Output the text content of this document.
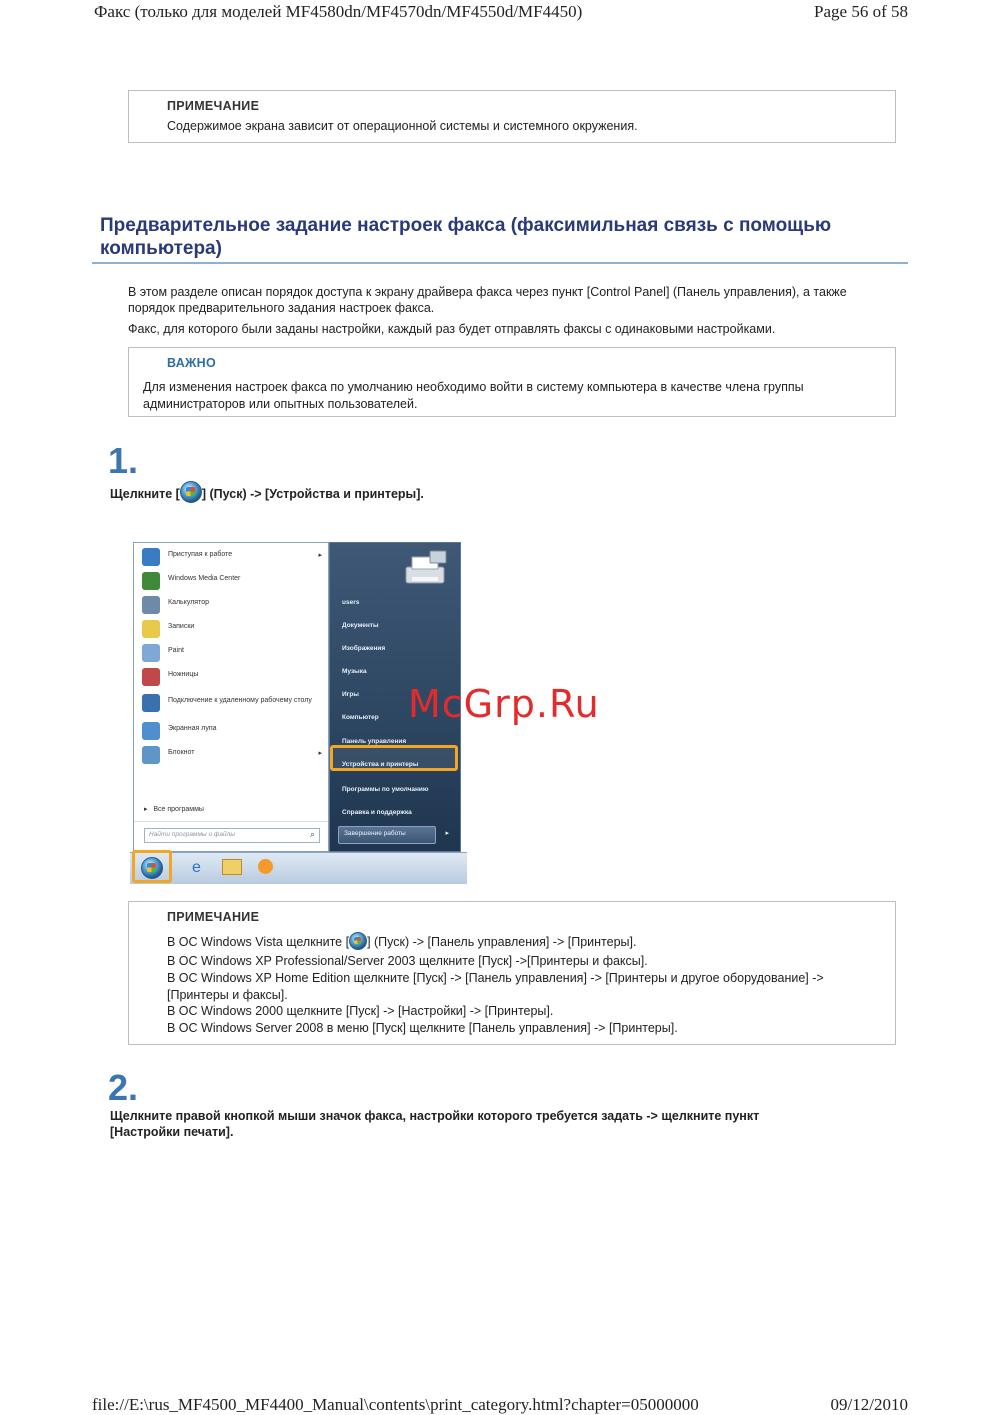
Факс (только для моделей MF4580dn/MF4570dn/MF4550d/MF4450)	Page 56 of 58
ПРИМЕЧАНИЕ
Содержимое экрана зависит от операционной системы и системного окружения.
Предварительное задание настроек факса (факсимильная связь с помощью компьютера)
В этом разделе описан порядок доступа к экрану драйвера факса через пункт [Control Panel] (Панель управления), а также порядок предварительного задания настроек факса.
Факс, для которого были заданы настройки, каждый раз будет отправлять факсы с одинаковыми настройками.
ВАЖНО
Для изменения настроек факса по умолчанию необходимо войти в систему компьютера в качестве члена группы администраторов или опытных пользователей.
1.
Щелкните [ ] (Пуск) -> [Устройства и принтеры].
Приступая к работе	▸
Windows Media Center
Калькулятор
Записки
Paint
Ножницы
Подключение к удаленному рабочему столу
Экранная лупа
Блокнот	▸
▸ Все программы
Найти программы и файлы	⌕
users
Документы
Изображения
Музыка
Игры
Компьютер
Панель управления
Устройства и принтеры
Программы по умолчанию
Справка и поддержка
Завершение работы	▸
e
McGrp.Ru
ПРИМЕЧАНИЕ
В ОС Windows Vista щелкните [ ] (Пуск) -> [Панель управления] -> [Принтеры].
В ОС Windows XP Professional/Server 2003 щелкните [Пуск] ->[Принтеры и факсы].
В ОС Windows XP Home Edition щелкните [Пуск] -> [Панель управления] -> [Принтеры и другое оборудование] -> [Принтеры и факсы].
В ОС Windows 2000 щелкните [Пуск] -> [Настройки] -> [Принтеры].
В ОС Windows Server 2008 в меню [Пуск] щелкните [Панель управления] -> [Принтеры].
2.
Щелкните правой кнопкой мыши значок факса, настройки которого требуется задать -> щелкните пункт [Настройки печати].
file://E:\rus_MF4500_MF4400_Manual\contents\print_category.html?chapter=05000000	09/12/2010
